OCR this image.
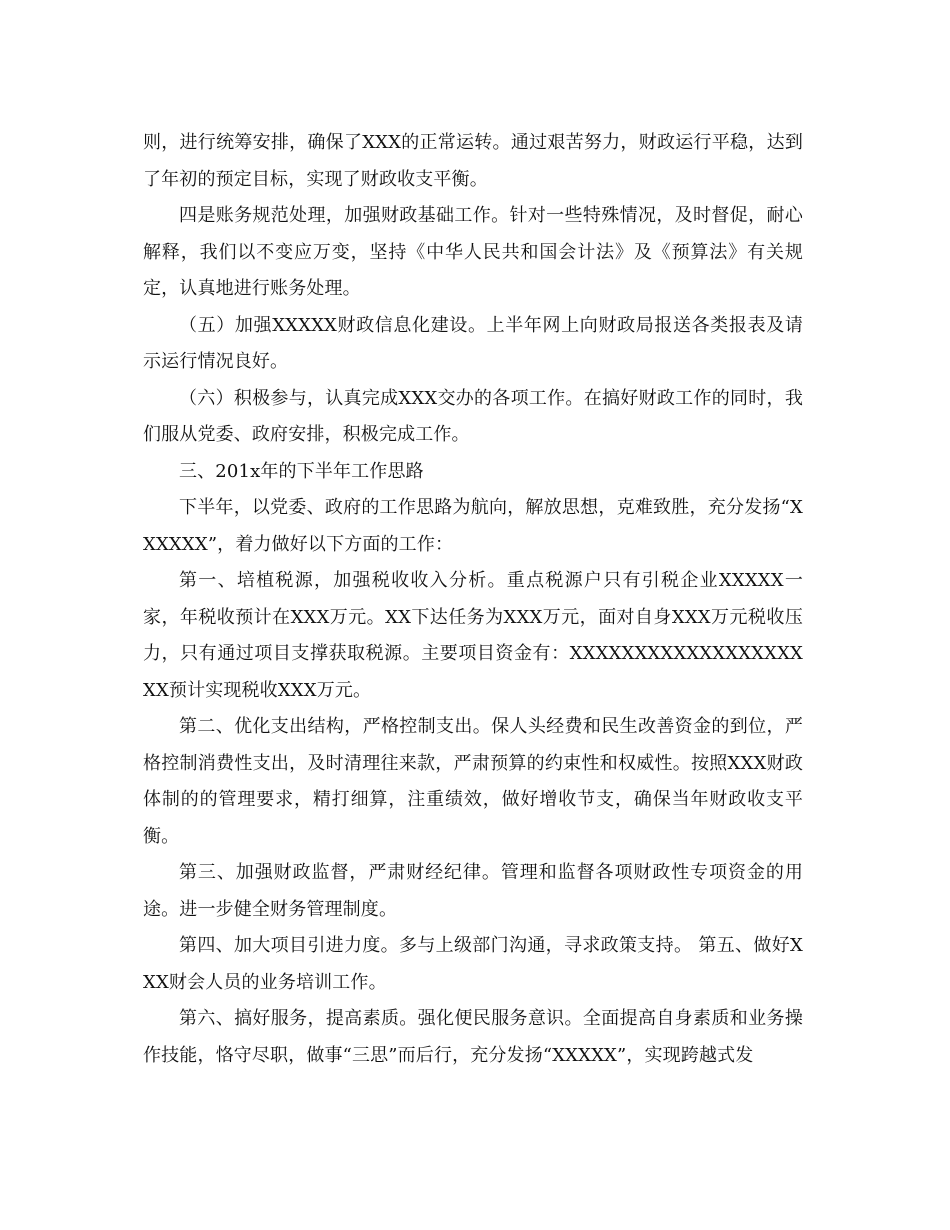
则，进行统筹安排，确保了XXX的正常运转。通过艰苦努力，财政运行平稳，达到了年初的预定目标，实现了财政收支平衡。

四是账务规范处理，加强财政基础工作。针对一些特殊情况，及时督促，耐心解释，我们以不变应万变，坚持《中华人民共和国会计法》及《预算法》有关规定，认真地进行账务处理。

（五）加强XXXXX财政信息化建设。上半年网上向财政局报送各类报表及请示运行情况良好。

（六）积极参与，认真完成XXX交办的各项工作。在搞好财政工作的同时，我们服从党委、政府安排，积极完成工作。

三、201x年的下半年工作思路

下半年，以党委、政府的工作思路为航向，解放思想，克难致胜，充分发扬“XXXXXX”，着力做好以下方面的工作：

第一、培植税源，加强税收收入分析。重点税源户只有引税企业XXXXX一家，年税收预计在XXX万元。XX下达任务为XXX万元，面对自身XXX万元税收压力，只有通过项目支撑获取税源。主要项目资金有：XXXXXXXXXXXXXXXXXXXX预计实现税收XXX万元。

第二、优化支出结构，严格控制支出。保人头经费和民生改善资金的到位，严格控制消费性支出，及时清理往来款，严肃预算的约束性和权威性。按照XXX财政体制的的管理要求，精打细算，注重绩效，做好增收节支，确保当年财政收支平衡。

第三、加强财政监督，严肃财经纪律。管理和监督各项财政性专项资金的用途。进一步健全财务管理制度。

第四、加大项目引进力度。多与上级部门沟通，寻求政策支持。 第五、做好XXX财会人员的业务培训工作。

第六、搞好服务，提高素质。强化便民服务意识。全面提高自身素质和业务操作技能，恪守尽职，做事“三思”而后行，充分发扬“XXXXX”，实现跨越式发
